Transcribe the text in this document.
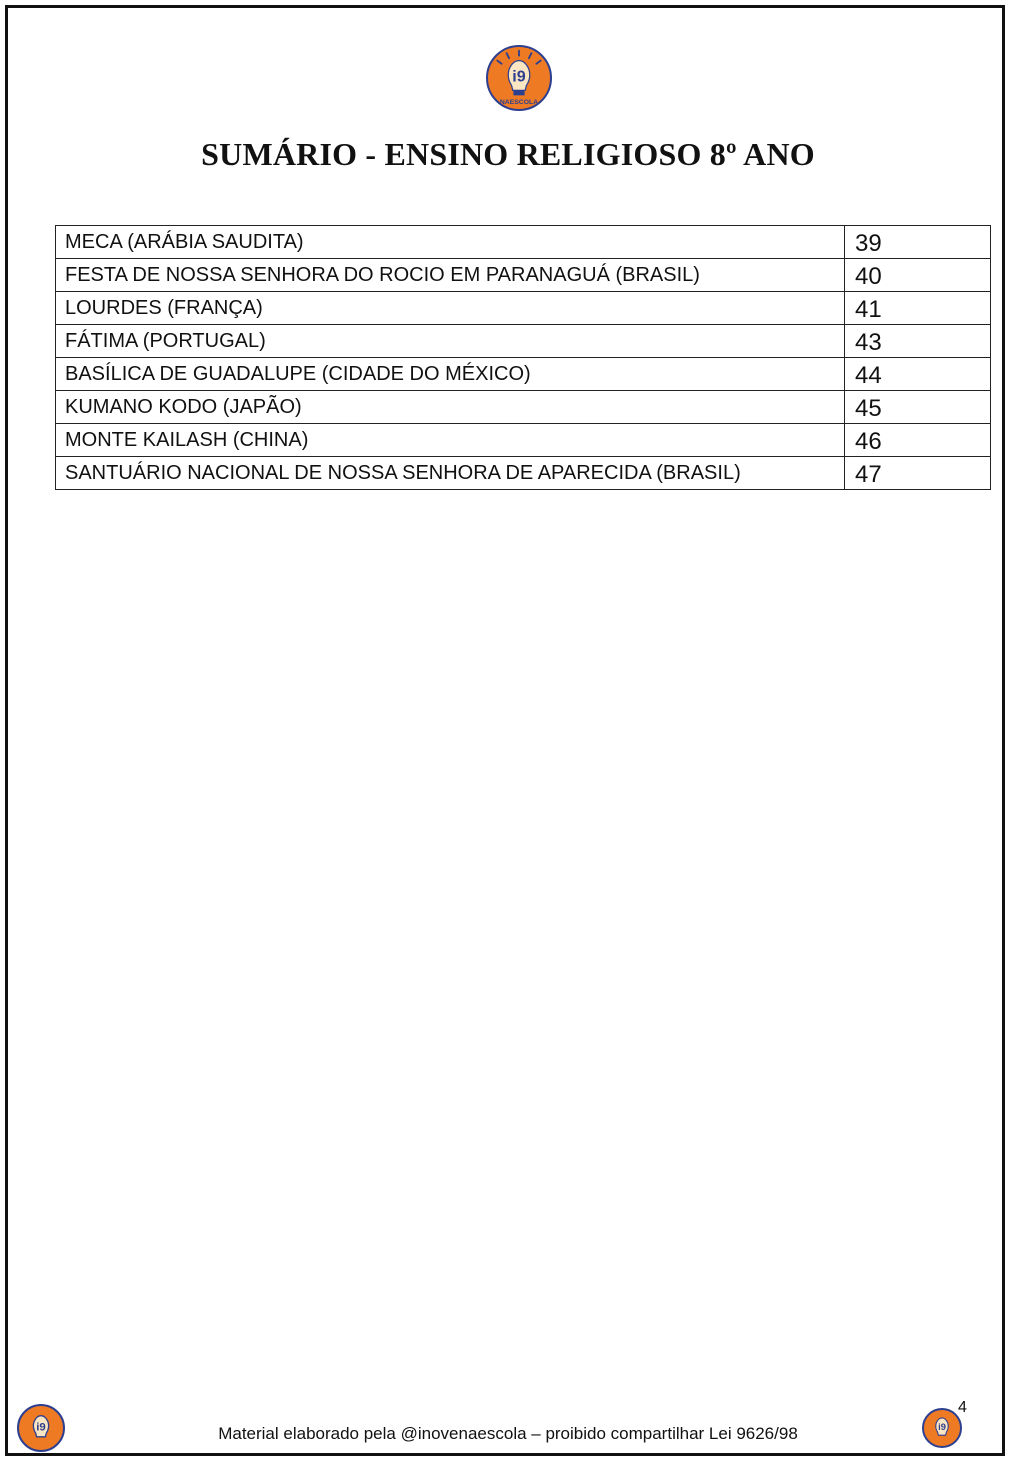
i9
NAESCOLA
SUMÁRIO - ENSINO RELIGIOSO 8º ANO
MECA (ARÁBIA SAUDITA)	39
FESTA DE NOSSA SENHORA DO ROCIO EM PARANAGUÁ (BRASIL)	40
LOURDES (FRANÇA)	41
FÁTIMA (PORTUGAL)	43
BASÍLICA DE GUADALUPE (CIDADE DO MÉXICO)	44
KUMANO KODO (JAPÃO)	45
MONTE KAILASH (CHINA)	46
SANTUÁRIO NACIONAL DE NOSSA SENHORA DE APARECIDA (BRASIL)	47
i9	Material elaborado pela @inovenaescola – proibido compartilhar Lei 9626/98
4
i9
